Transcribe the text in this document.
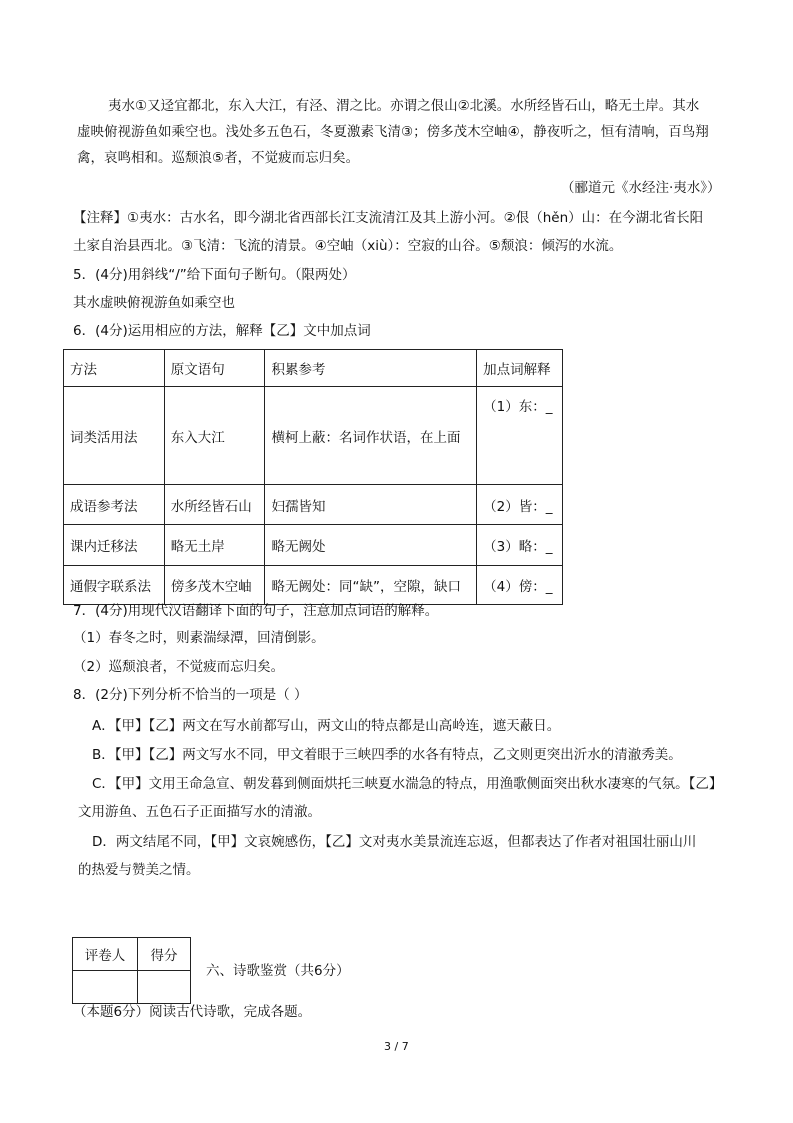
夷水①又迳宜都北，东入大江，有泾、渭之比。亦谓之佷山②北溪。水所经皆石山，略无土岸。其水
虚映俯视游鱼如乘空也。浅处多五色石，冬夏激素飞清③；傍多茂木空岫④，静夜听之，恒有清响，百鸟翔
禽，哀鸣相和。巡颓浪⑤者，不觉疲而忘归矣。
（郦道元《水经注·夷水》）
【注释】①夷水：古水名，即今湖北省西部长江支流清江及其上游小河。②佷（hěn）山：在今湖北省长阳
土家自治县西北。③飞清：飞流的清景。④空岫（xiù）：空寂的山谷。⑤颓浪：倾泻的水流。
5．(4分)用斜线“/”给下面句子断句。（限两处）
其水虚映俯视游鱼如乘空也
6．(4分)运用相应的方法，解释【乙】文中加点词
方法	原文语句	积累参考	加点词解释
词类活用法	东入大江	横柯上蔽：名词作状语，在上面	（1）东：_
成语参考法	水所经皆石山	妇孺皆知	（2）皆：_
课内迁移法	略无土岸	略无阙处	（3）略：_
通假字联系法	傍多茂木空岫	略无阙处：同“缺”，空隙，缺口	（4）傍：_
7．(4分)用现代汉语翻译下面的句子，注意加点词语的解释。
（1）春冬之时，则素湍绿潭，回清倒影。
（2）巡颓浪者，不觉疲而忘归矣。
8．(2分)下列分析不恰当的一项是（ ）
A．【甲】【乙】两文在写水前都写山，两文山的特点都是山高岭连，遮天蔽日。
B．【甲】【乙】两文写水不同，甲文着眼于三峡四季的水各有特点，乙文则更突出沂水的清澈秀美。
C．【甲】文用王命急宣、朝发暮到侧面烘托三峡夏水湍急的特点，用渔歌侧面突出秋水凄寒的气氛。【乙】
文用游鱼、五色石子正面描写水的清澈。
D．两文结尾不同，【甲】文哀婉感伤，【乙】文对夷水美景流连忘返，但都表达了作者对祖国壮丽山川
的热爱与赞美之情。
评卷人	得分

六、诗歌鉴赏（共6分）
（本题6分）阅读古代诗歌，完成各题。
3 / 7
